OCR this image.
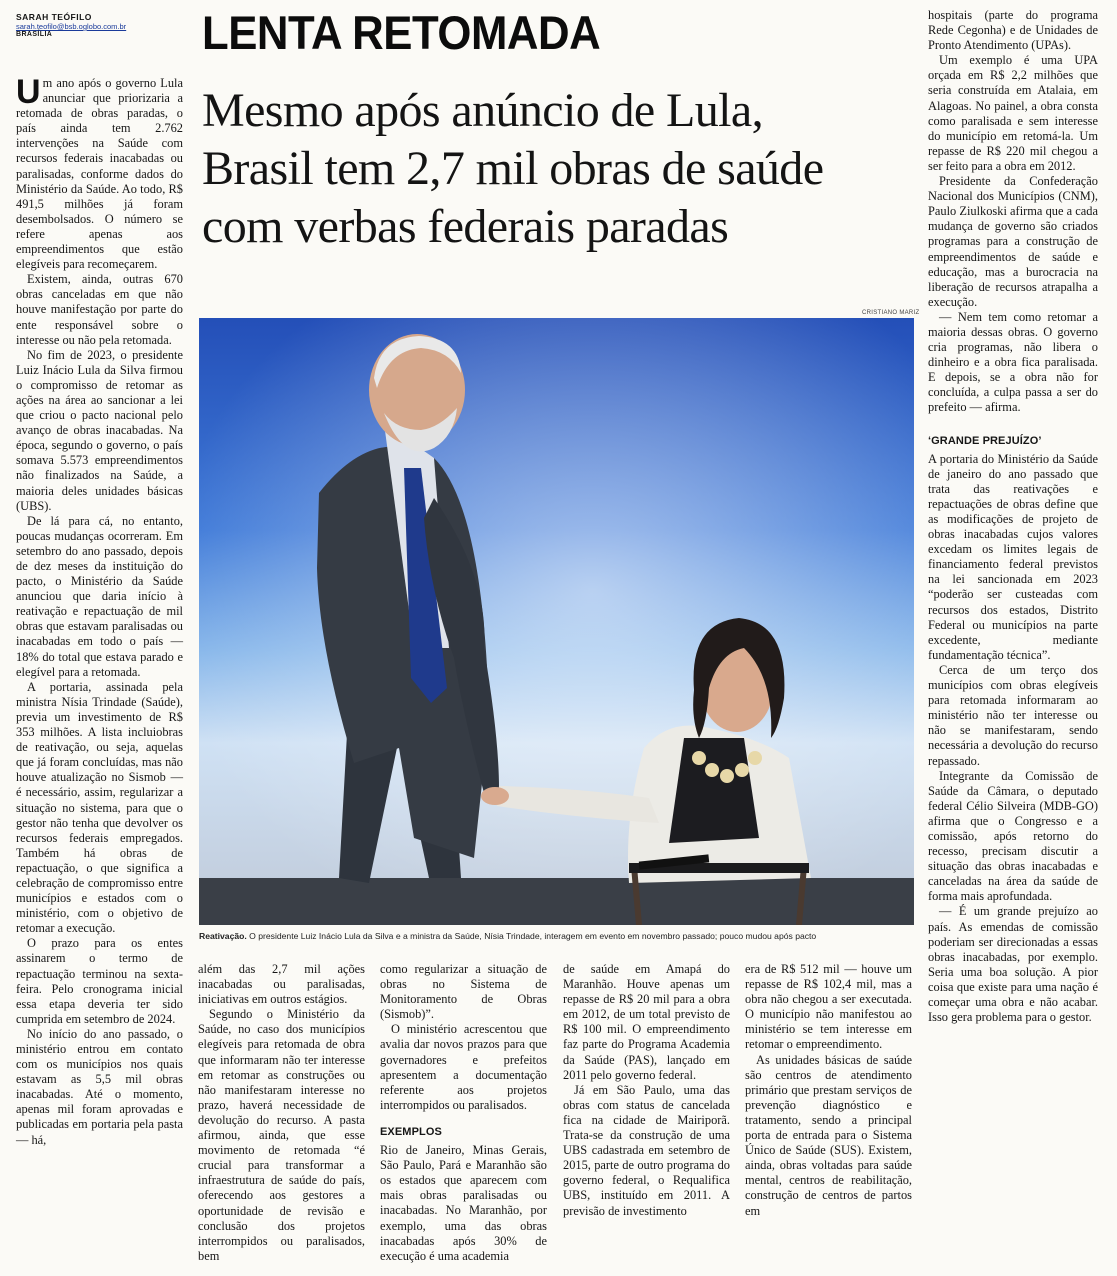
SARAH TEÓFILO
sarah.teofilo@bsb.oglobo.com.br
BRASÍLIA	LENTA RETOMADA
Mesmo após anúncio de Lula,
Brasil tem 2,7 mil obras de saúde
com verbas federais paradas
CRISTIANO MARIZ
Reativação. O presidente Luiz Inácio Lula da Silva e a ministra da Saúde, Nísia Trindade, interagem em evento em novembro passado; pouco mudou após pacto

Um ano após o governo Lula anunciar que priorizaria a retomada de obras paradas, o país ainda tem 2.762 intervenções na Saúde com recursos federais inacabadas ou paralisadas, conforme dados do Ministério da Saúde. Ao todo, R$ 491,5 milhões já foram desembolsados. O número se refere apenas aos empreendimentos que estão elegíveis para recomeçarem.

Existem, ainda, outras 670 obras canceladas em que não houve manifestação por parte do ente responsável sobre o interesse ou não pela retomada.

No fim de 2023, o presidente Luiz Inácio Lula da Silva firmou o compromisso de retomar as ações na área ao sancionar a lei que criou o pacto nacional pelo avanço de obras inacabadas. Na época, segundo o governo, o país somava 5.573 empreendimentos não finalizados na Saúde, a maioria deles unidades básicas (UBS).

De lá para cá, no entanto, poucas mudanças ocorreram. Em setembro do ano passado, depois de dez meses da instituição do pacto, o Ministério da Saúde anunciou que daria início à reativação e repactuação de mil obras que estavam paralisadas ou inacabadas em todo o país — 18% do total que estava parado e elegível para a retomada.

A portaria, assinada pela ministra Nísia Trindade (Saúde), previa um investimento de R$ 353 milhões. A lista incluiobras de reativação, ou seja, aquelas que já foram concluídas, mas não houve atualização no Sismob — é necessário, assim, regularizar a situação no sistema, para que o gestor não tenha que devolver os recursos federais empregados. Também há obras de repactuação, o que significa a celebração de compromisso entre municípios e estados com o ministério, com o objetivo de retomar a execução.

O prazo para os entes assinarem o termo de repactuação terminou na sexta-feira. Pelo cronograma inicial essa etapa deveria ter sido cumprida em setembro de 2024.

No início do ano passado, o ministério entrou em contato com os municípios nos quais estavam as 5,5 mil obras inacabadas. Até o momento, apenas mil foram aprovadas e publicadas em portaria pela pasta — há,

além das 2,7 mil ações inacabadas ou paralisadas, iniciativas em outros estágios.

Segundo o Ministério da Saúde, no caso dos municípios elegíveis para retomada de obra que informaram não ter interesse em retomar as construções ou não manifestaram interesse no prazo, haverá necessidade de devolução do recurso. A pasta afirmou, ainda, que esse movimento de retomada “é crucial para transformar a infraestrutura de saúde do país, oferecendo aos gestores a oportunidade de revisão e conclusão dos projetos interrompidos ou paralisados, bem

como regularizar a situação de obras no Sistema de Monitoramento de Obras (Sismob)”.

O ministério acrescentou que avalia dar novos prazos para que governadores e prefeitos apresentem a documentação referente aos projetos interrompidos ou paralisados.

EXEMPLOS

Rio de Janeiro, Minas Gerais, São Paulo, Pará e Maranhão são os estados que aparecem com mais obras paralisadas ou inacabadas. No Maranhão, por exemplo, uma das obras inacabadas após 30% de execução é uma academia

de saúde em Amapá do Maranhão. Houve apenas um repasse de R$ 20 mil para a obra em 2012, de um total previsto de R$ 100 mil. O empreendimento faz parte do Programa Academia da Saúde (PAS), lançado em 2011 pelo governo federal.

Já em São Paulo, uma das obras com status de cancelada fica na cidade de Mairiporã. Trata-se da construção de uma UBS cadastrada em setembro de 2015, parte de outro programa do governo federal, o Requalifica UBS, instituído em 2011. A previsão de investimento

era de R$ 512 mil — houve um repasse de R$ 102,4 mil, mas a obra não chegou a ser executada. O município não manifestou ao ministério se tem interesse em retomar o empreendimento.

As unidades básicas de saúde são centros de atendimento primário que prestam serviços de prevenção diagnóstico e tratamento, sendo a principal porta de entrada para o Sistema Único de Saúde (SUS). Existem, ainda, obras voltadas para saúde mental, centros de reabilitação, construção de centros de partos em

hospitais (parte do programa Rede Cegonha) e de Unidades de Pronto Atendimento (UPAs).

Um exemplo é uma UPA orçada em R$ 2,2 milhões que seria construída em Atalaia, em Alagoas. No painel, a obra consta como paralisada e sem interesse do município em retomá-la. Um repasse de R$ 220 mil chegou a ser feito para a obra em 2012.

Presidente da Confederação Nacional dos Municípios (CNM), Paulo Ziulkoski afirma que a cada mudança de governo são criados programas para a construção de empreendimentos de saúde e educação, mas a burocracia na liberação de recursos atrapalha a execução.

— Nem tem como retomar a maioria dessas obras. O governo cria programas, não libera o dinheiro e a obra fica paralisada. E depois, se a obra não for concluída, a culpa passa a ser do prefeito — afirma.

‘GRANDE PREJUÍZO’

A portaria do Ministério da Saúde de janeiro do ano passado que trata das reativações e repactuações de obras define que as modificações de projeto de obras inacabadas cujos valores excedam os limites legais de financiamento federal previstos na lei sancionada em 2023 “poderão ser custeadas com recursos dos estados, Distrito Federal ou municípios na parte excedente, mediante fundamentação técnica”.

Cerca de um terço dos municípios com obras elegíveis para retomada informaram ao ministério não ter interesse ou não se manifestaram, sendo necessária a devolução do recurso repassado.

Integrante da Comissão de Saúde da Câmara, o deputado federal Célio Silveira (MDB-GO) afirma que o Congresso e a comissão, após retorno do recesso, precisam discutir a situação das obras inacabadas e canceladas na área da saúde de forma mais aprofundada.

— É um grande prejuízo ao país. As emendas de comissão poderiam ser direcionadas a essas obras inacabadas, por exemplo. Seria uma boa solução. A pior coisa que existe para uma nação é começar uma obra e não acabar. Isso gera problema para o gestor.
